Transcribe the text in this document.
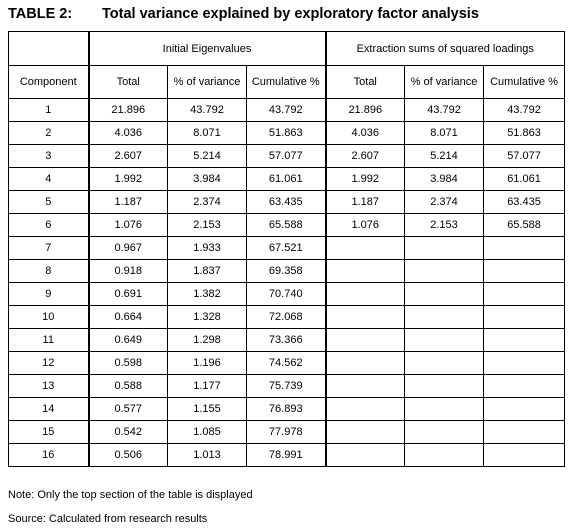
TABLE 2: Total variance explained by exploratory factor analysis
	Initial Eigenvalues			Extraction sums of squared loadings		
Component	Total	% of variance	Cumulative %	Total	% of variance	Cumulative %
1	21.896	43.792	43.792	21.896	43.792	43.792
2	4.036	8.071	51.863	4.036	8.071	51.863
3	2.607	5.214	57.077	2.607	5.214	57.077
4	1.992	3.984	61.061	1.992	3.984	61.061
5	1.187	2.374	63.435	1.187	2.374	63.435
6	1.076	2.153	65.588	1.076	2.153	65.588
7	0.967	1.933	67.521			
8	0.918	1.837	69.358			
9	0.691	1.382	70.740			
10	0.664	1.328	72.068			
11	0.649	1.298	73.366			
12	0.598	1.196	74.562			
13	0.588	1.177	75.739			
14	0.577	1.155	76.893			
15	0.542	1.085	77.978			
16	0.506	1.013	78.991			
Note: Only the top section of the table is displayed
Source: Calculated from research results
